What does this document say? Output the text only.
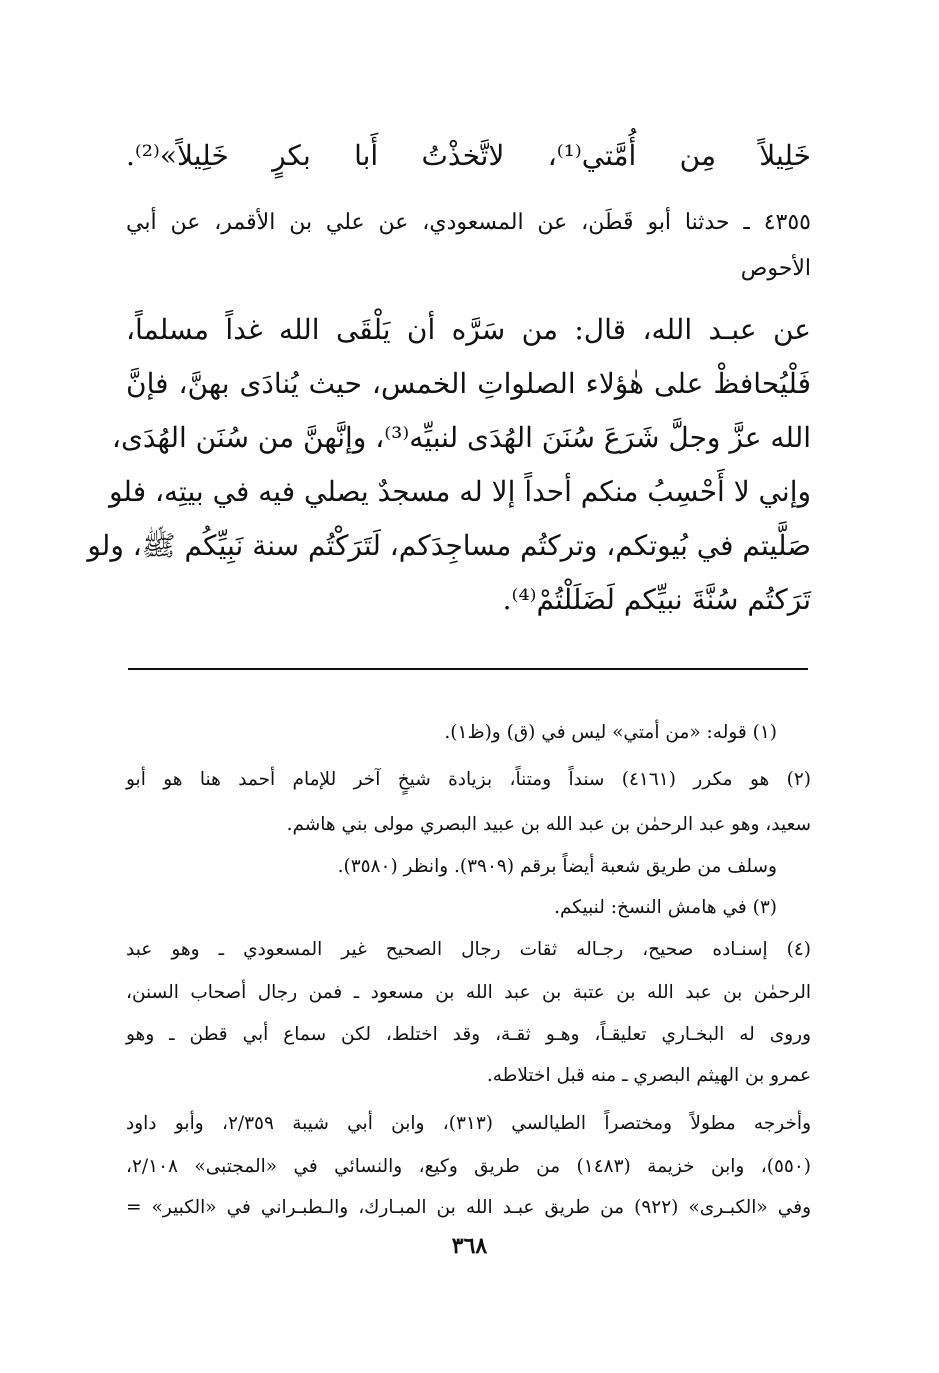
خَلِيلاً مِن أُمَّتي⁽¹⁾، لاتَّخذْتُ أَبا بكرٍ خَلِيلاً»⁽²⁾.
٤٣٥٥ ـ حدثنا أبو قَطَن، عن المسعودي، عن علي بن الأقمر، عن أبي
الأحوص
عن عبـد الله، قال: من سَرَّه أن يَلْقَى الله غداً مسلماً،
فَلْيُحافظْ على هٰؤلاء الصلواتِ الخمس، حيث يُنادَى بهنَّ، فإنَّ
الله عزَّ وجلَّ شَرَعَ سُنَنَ الهُدَى لنبيِّه⁽³⁾، وإنَّهنَّ من سُنَن الهُدَى،
وإني لا أَحْسِبُ منكم أحداً إلا له مسجدٌ يصلي فيه في بيتِه، فلو
صَلَّيتم في بُيوتكم، وتركتُم مساجِدَكم، لَتَرَكْتُم سنة نَبِيِّكُم ﷺ، ولو
تَرَكتُم سُنَّةَ نبيِّكم لَضَلَلْتُمْ⁽⁴⁾.
(١) قوله: «من أمتي» ليس في (ق) و(ظ١).
(٢) هو مكرر (٤١٦١) سنداً ومتناً، بزيادة شيخٍ آخر للإمام أحمد هنا هو أبو
سعيد، وهو عبد الرحمٰن بن عبد الله بن عبيد البصري مولى بني هاشم.
وسلف من طريق شعبة أيضاً برقم (٣٩٠٩). وانظر (٣٥٨٠).
(٣) في هامش النسخ: لنبيكم.
(٤) إسنـاده صحيح، رجـاله ثقات رجال الصحيح غير المسعودي ـ وهو عبد
الرحمٰن بن عبد الله بن عتبة بن عبد الله بن مسعود ـ فمن رجال أصحاب السنن،
وروى له البخـاري تعليقـاً، وهـو ثقـة، وقد اختلط، لكن سماع أبي قطن ـ وهو
عمرو بن الهيثم البصري ـ منه قبل اختلاطه.
وأخرجه مطولاً ومختصراً الطيالسي (٣١٣)، وابن أبي شيبة ٢/٣٥٩، وأبو داود
(٥٥٠)، وابن خزيمة (١٤٨٣) من طريق وكيع، والنسائي في «المجتبى» ٢/١٠٨،
وفي «الكبـرى» (٩٢٢) من طريق عبـد الله بن المبـارك، والـطبـراني في «الكبير» =
٣٦٨
